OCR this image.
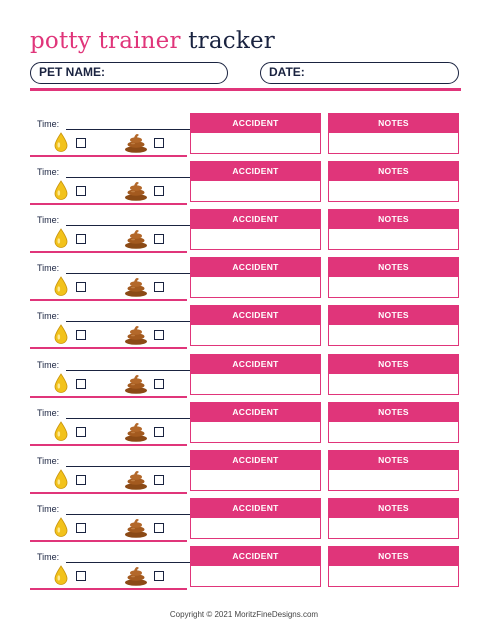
potty trainer tracker
PET NAME:	DATE:
Time:	ACCIDENT	NOTES
Time:	ACCIDENT	NOTES
Time:	ACCIDENT	NOTES
Time:	ACCIDENT	NOTES
Time:	ACCIDENT	NOTES
Time:	ACCIDENT	NOTES
Time:	ACCIDENT	NOTES
Time:	ACCIDENT	NOTES
Time:	ACCIDENT	NOTES
Time:	ACCIDENT	NOTES
Copyright © 2021 MoritzFineDesigns.com
